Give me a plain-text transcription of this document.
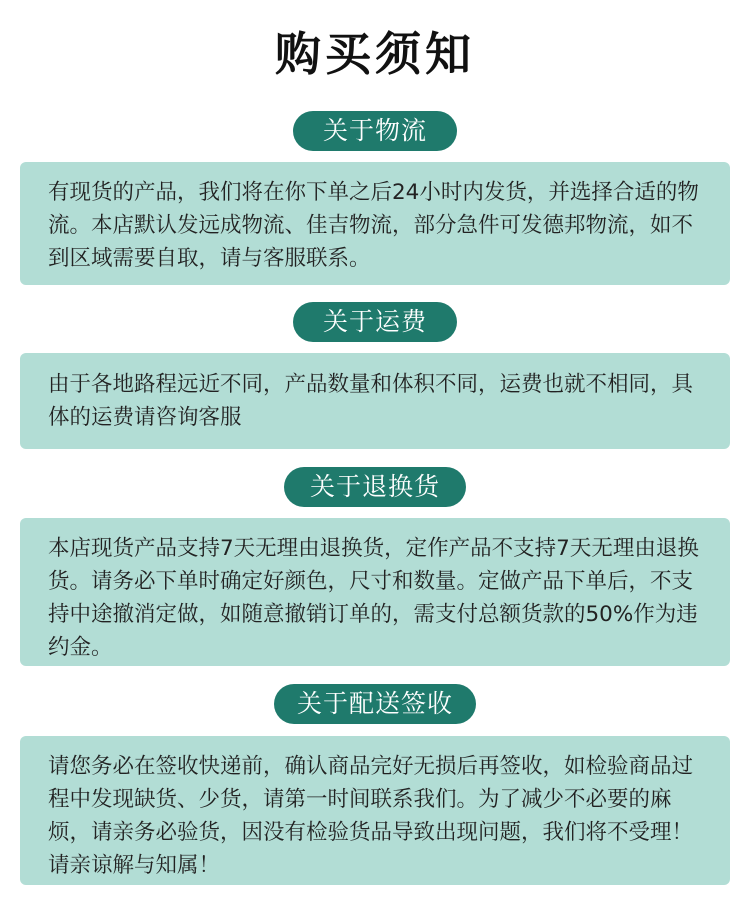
购买须知
关于物流

有现货的产品，我们将在你下单之后24小时内发货，并选择合适的物流。本店默认发远成物流、佳吉物流，部分急件可发德邦物流，如不到区域需要自取，请与客服联系。

关于运费

由于各地路程远近不同，产品数量和体积不同，运费也就不相同，具体的运费请咨询客服

关于退换货

本店现货产品支持7天无理由退换货，定作产品不支持7天无理由退换货。请务必下单时确定好颜色，尺寸和数量。定做产品下单后，不支持中途撤消定做，如随意撤销订单的，需支付总额货款的50%作为违约金。

关于配送签收

请您务必在签收快递前，确认商品完好无损后再签收，如检验商品过程中发现缺货、少货，请第一时间联系我们。为了减少不必要的麻烦，请亲务必验货，因没有检验货品导致出现问题，我们将不受理！请亲谅解与知属！
